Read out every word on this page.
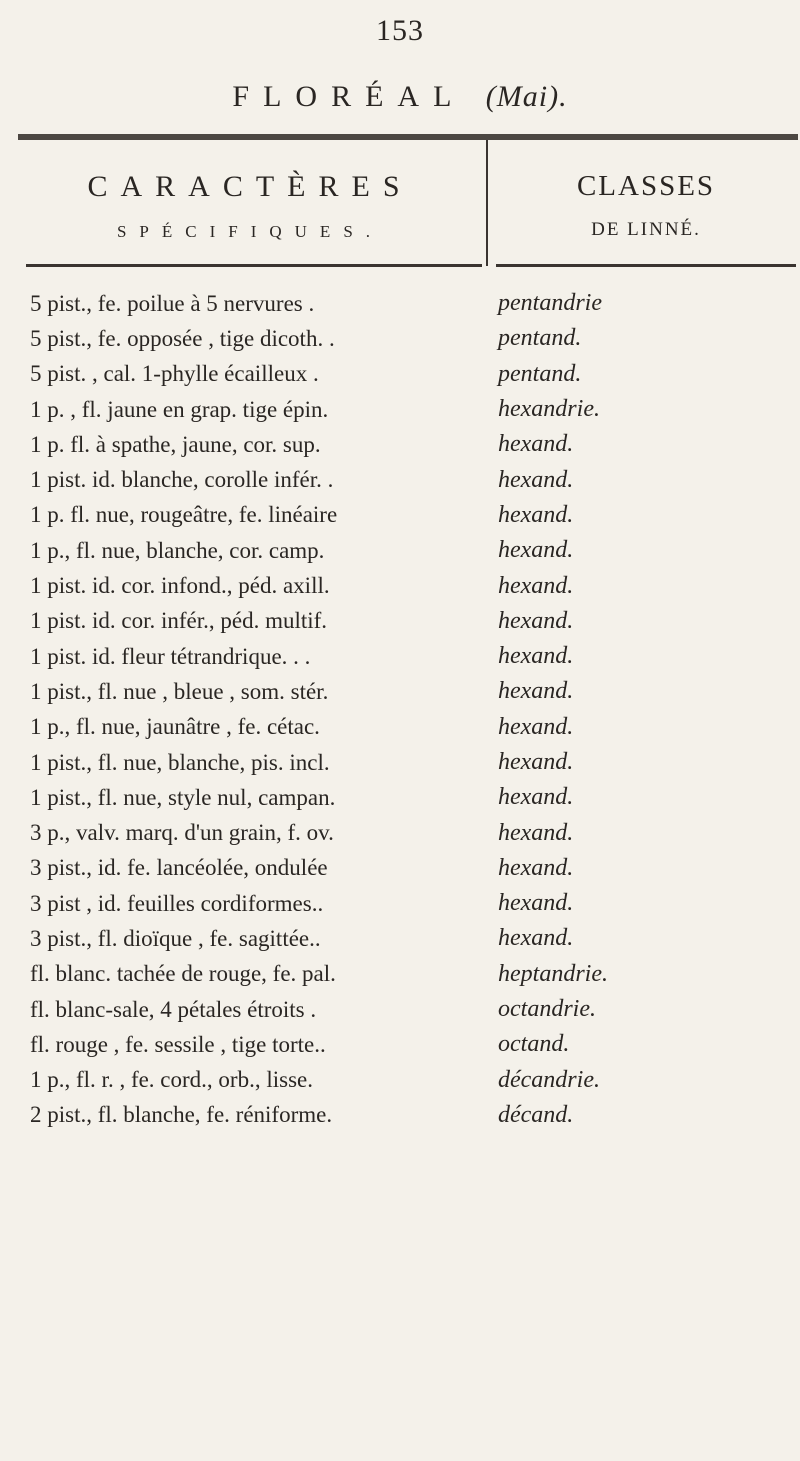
153
FLORÉAL (Mai).
CARACTÈRES
SPÉCIFIQUES.
CLASSES
DE LINNÉ.
5 pist., fe. poilue à 5 nervures .	pentandrie
5 pist., fe. opposée , tige dicoth. .	pentand.
5 pist. , cal. 1-phylle écailleux .	pentand.
1 p. , fl. jaune en grap. tige épin.	hexandrie.
1 p. fl. à spathe, jaune, cor. sup.	hexand.
1 pist. id. blanche, corolle infér. .	hexand.
1 p. fl. nue, rougeâtre, fe. linéaire	hexand.
1 p., fl. nue, blanche, cor. camp.	hexand.
1 pist. id. cor. infond., péd. axill.	hexand.
1 pist. id. cor. infér., péd. multif.	hexand.
1 pist. id. fleur tétrandrique. . .	hexand.
1 pist., fl. nue , bleue , som. stér.	hexand.
1 p., fl. nue, jaunâtre , fe. cétac.	hexand.
1 pist., fl. nue, blanche, pis. incl.	hexand.
1 pist., fl. nue, style nul, campan.	hexand.
3 p., valv. marq. d'un grain, f. ov.	hexand.
3 pist., id. fe. lancéolée, ondulée	hexand.
3 pist , id. feuilles cordiformes..	hexand.
3 pist., fl. dioïque , fe. sagittée..	hexand.
fl. blanc. tachée de rouge, fe. pal.	heptandrie.
fl. blanc-sale, 4 pétales étroits .	octandrie.
fl. rouge , fe. sessile , tige torte..	octand.
1 p., fl. r. , fe. cord., orb., lisse.	décandrie.
2 pist., fl. blanche, fe. réniforme.	décand.
